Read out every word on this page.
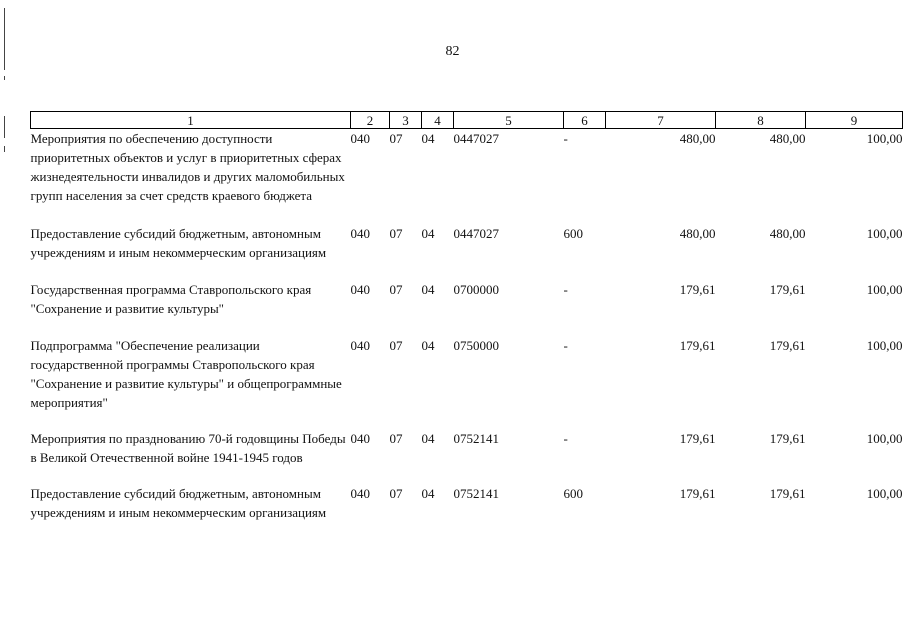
82
1	2	3	4	5	6	7	8	9
Мероприятия по обеспечению доступности приоритетных объектов и услуг в приоритетных сферах жизнедеятельности инвалидов и других маломобильных групп населения за счет средств краевого бюджета	040	07	04	0447027	-	480,00	480,00	100,00
Предоставление субсидий бюджетным, автономным учреждениям и иным некоммерческим организациям	040	07	04	0447027	600	480,00	480,00	100,00
Государственная программа Ставропольского края "Сохранение и развитие культуры"	040	07	04	0700000	-	179,61	179,61	100,00
Подпрограмма "Обеспечение реализации государственной программы Ставропольского края "Сохранение и развитие культуры" и общепрограммные мероприятия"	040	07	04	0750000	-	179,61	179,61	100,00
Мероприятия по празднованию 70-й годовщины Победы в Великой Отечественной войне 1941-1945 годов	040	07	04	0752141	-	179,61	179,61	100,00
Предоставление субсидий бюджетным, автономным учреждениям и иным некоммерческим организациям	040	07	04	0752141	600	179,61	179,61	100,00
